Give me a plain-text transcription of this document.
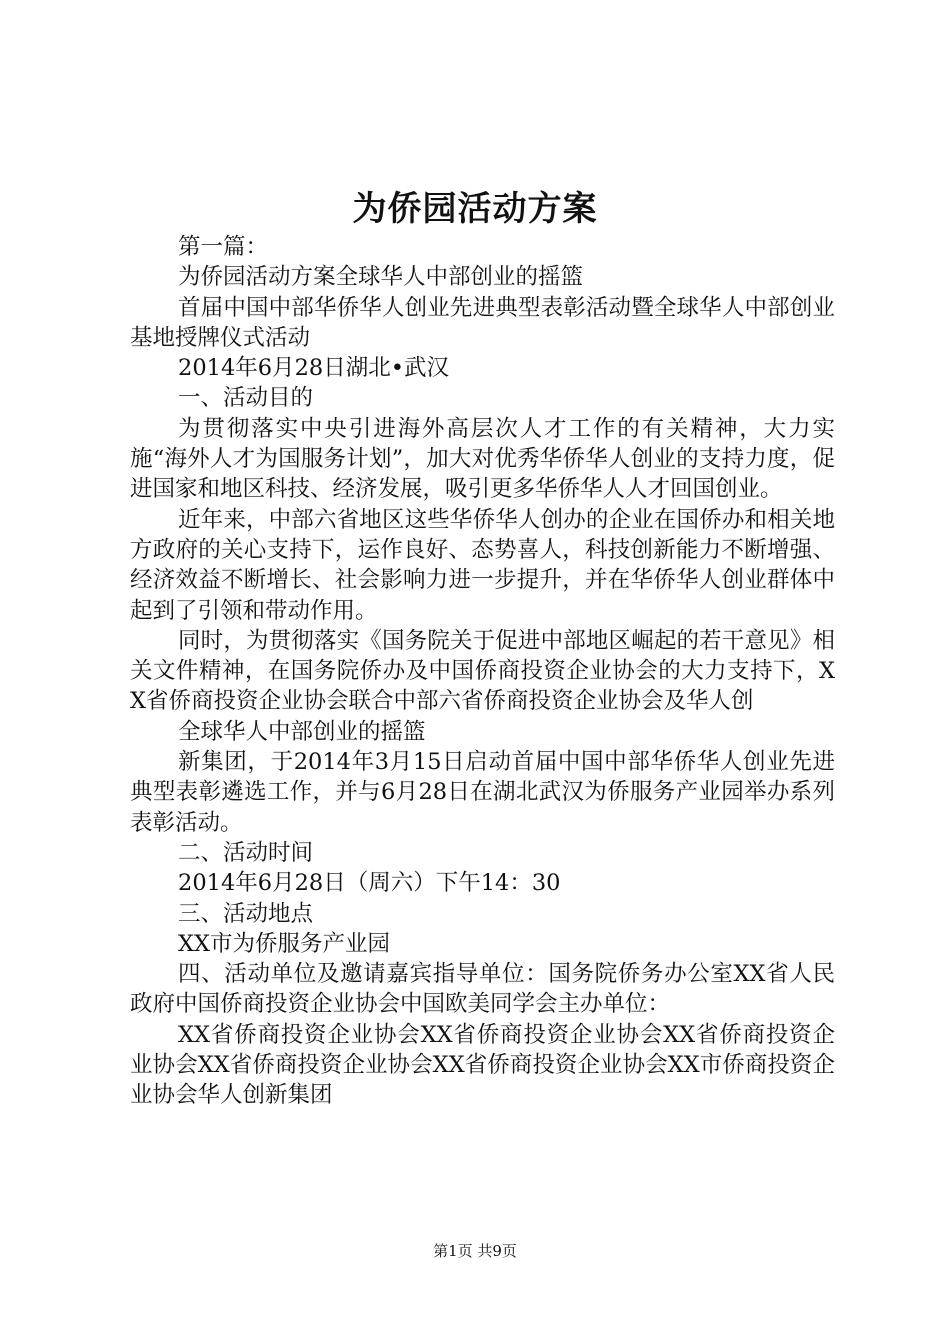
为侨园活动方案

第一篇：

为侨园活动方案全球华人中部创业的摇篮

首届中国中部华侨华人创业先进典型表彰活动暨全球华人中部创业基地授牌仪式活动

2014年6月28日湖北•武汉

一、活动目的

为贯彻落实中央引进海外高层次人才工作的有关精神，大力实施“海外人才为国服务计划”，加大对优秀华侨华人创业的支持力度，促进国家和地区科技、经济发展，吸引更多华侨华人人才回国创业。

近年来，中部六省地区这些华侨华人创办的企业在国侨办和相关地方政府的关心支持下，运作良好、态势喜人，科技创新能力不断增强、经济效益不断增长、社会影响力进一步提升，并在华侨华人创业群体中起到了引领和带动作用。

同时，为贯彻落实《国务院关于促进中部地区崛起的若干意见》相关文件精神，在国务院侨办及中国侨商投资企业协会的大力支持下，XX省侨商投资企业协会联合中部六省侨商投资企业协会及华人创

全球华人中部创业的摇篮

新集团，于2014年3月15日启动首届中国中部华侨华人创业先进典型表彰遴选工作，并与6月28日在湖北武汉为侨服务产业园举办系列表彰活动。

二、活动时间

2014年6月28日（周六）下午14：30

三、活动地点

XX市为侨服务产业园

四、活动单位及邀请嘉宾指导单位：国务院侨务办公室XX省人民政府中国侨商投资企业协会中国欧美同学会主办单位：

XX省侨商投资企业协会XX省侨商投资企业协会XX省侨商投资企业协会XX省侨商投资企业协会XX省侨商投资企业协会XX市侨商投资企业协会华人创新集团

第1页 共9页
